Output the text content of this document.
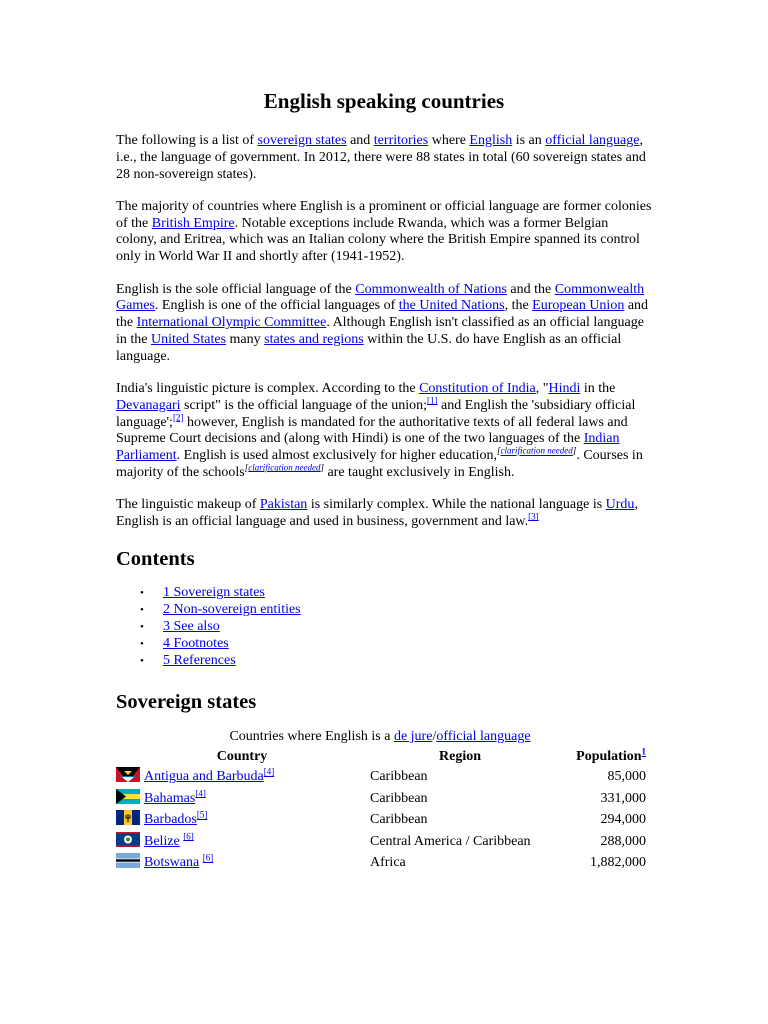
English speaking countries

The following is a list of sovereign states and territories where English is an official language, i.e., the language of government. In 2012, there were 88 states in total (60 sovereign states and 28 non-sovereign states).

The majority of countries where English is a prominent or official language are former colonies of the British Empire. Notable exceptions include Rwanda, which was a former Belgian colony, and Eritrea, which was an Italian colony where the British Empire spanned its control only in World War II and shortly after (1941-1952).

English is the sole official language of the Commonwealth of Nations and the Commonwealth Games. English is one of the official languages of the United Nations, the European Union and the International Olympic Committee. Although English isn't classified as an official language in the United States many states and regions within the U.S. do have English as an official language.

India's linguistic picture is complex. According to the Constitution of India, "Hindi in the Devanagari script" is the official language of the union;[1] and English the 'subsidiary official language';[2] however, English is mandated for the authoritative texts of all federal laws and Supreme Court decisions and (along with Hindi) is one of the two languages of the Indian Parliament. English is used almost exclusively for higher education,[clarification needed]. Courses in majority of the schools[clarification needed] are taught exclusively in English.

The linguistic makeup of Pakistan is similarly complex. While the national language is Urdu, English is an official language and used in business, government and law.[3]

Contents
• 1 Sovereign states
• 2 Non-sovereign entities
• 3 See also
• 4 Footnotes
• 5 References
Sovereign states
Countries where English is a de jure/official language
Country	Region	Population$^1$
Antigua and Barbuda[4]	Caribbean	85,000
Bahamas[4]	Caribbean	331,000
Barbados[5]	Caribbean	294,000
Belize [6]	Central America / Caribbean	288,000
Botswana [6]	Africa	1,882,000
